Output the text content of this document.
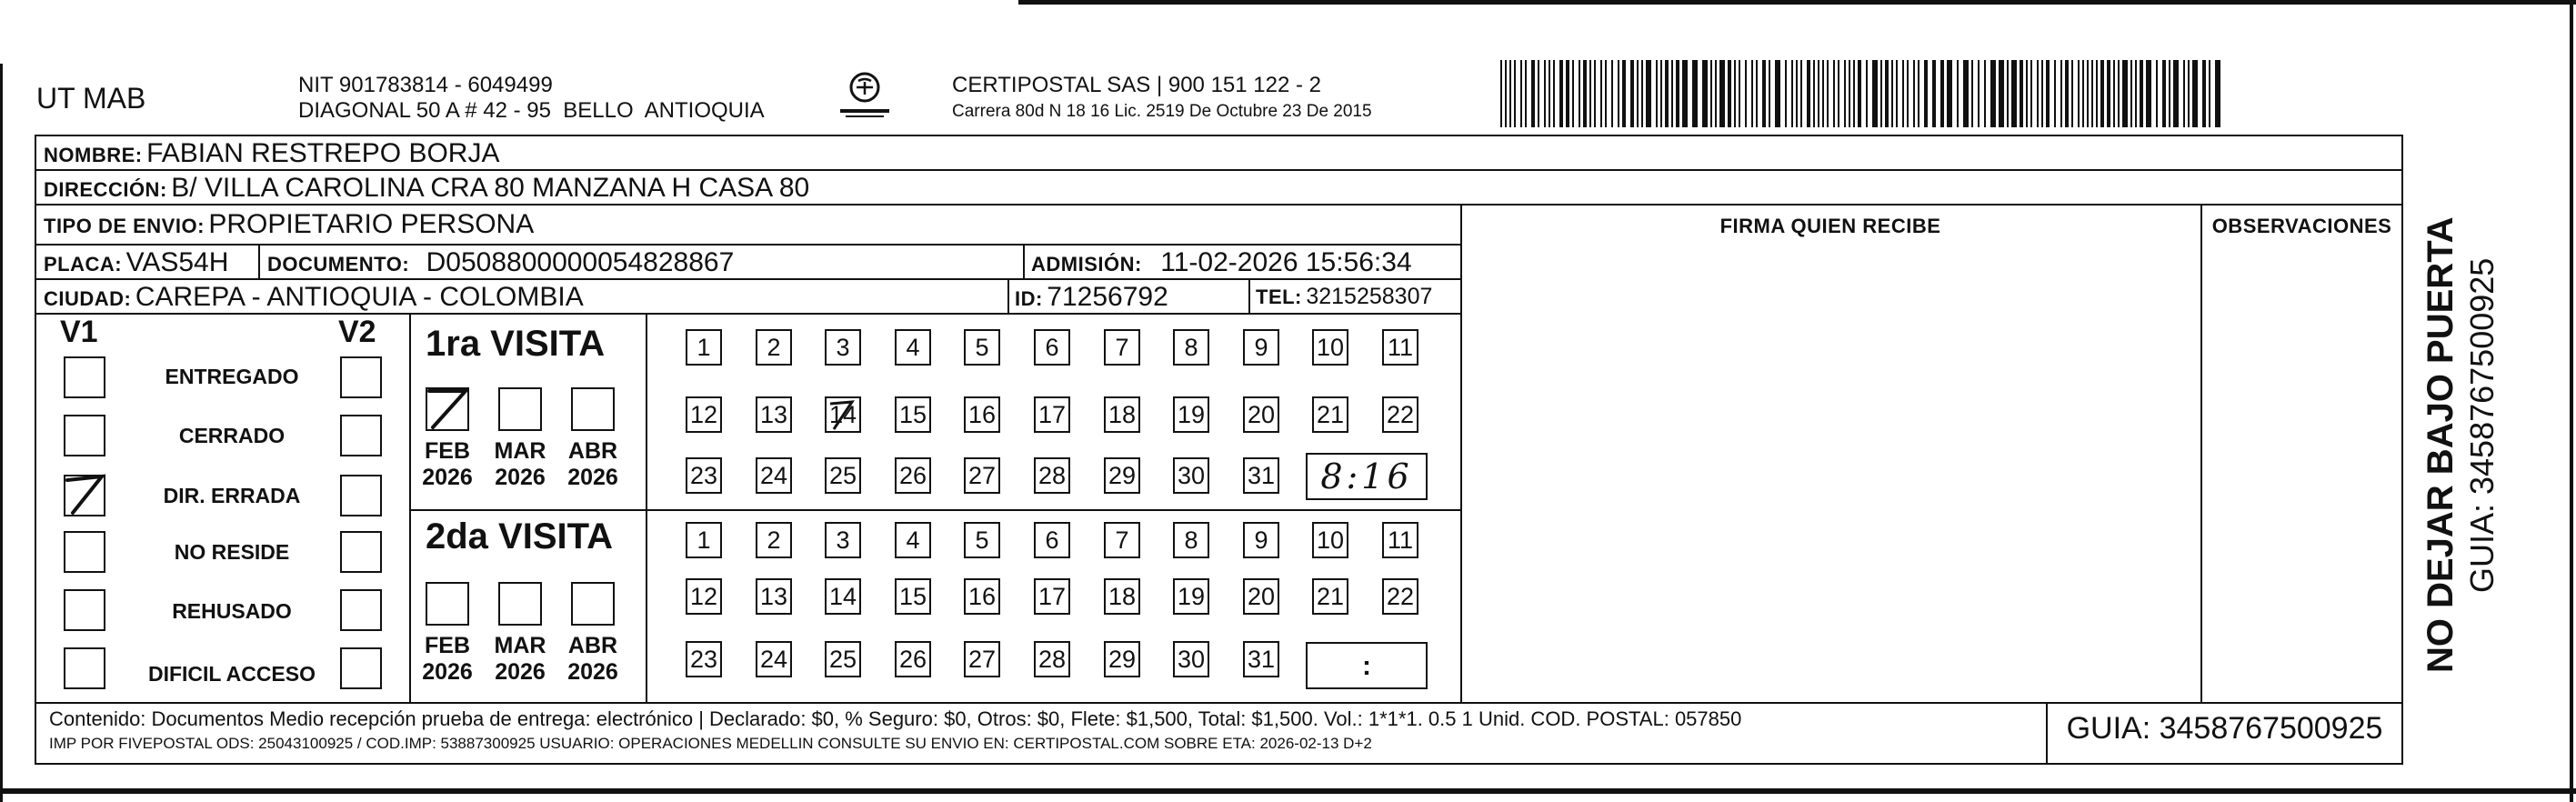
UT MAB	NIT 901783814 - 6049499
DIAGONAL 50 A # 42 - 95  BELLO  ANTIOQUIA
CERTIPOSTAL SAS | 900 151 122 - 2
Carrera 80d N 18 16 Lic. 2519 De Octubre 23 De 2015
NOMBRE: FABIAN RESTREPO BORJA
DIRECCIÓN: B/ VILLA CAROLINA CRA 80 MANZANA H CASA 80
TIPO DE ENVIO: PROPIETARIO PERSONA	FIRMA QUIEN RECIBE	OBSERVACIONES
PLACA: VAS54H DOCUMENTO: D0508800000054828867	ADMISIÓN: 11-02-2026 15:56:34
CIUDAD: CAREPA - ANTIOQUIA - COLOMBIA	ID: 71256792	TEL: 3215258307
V1	V2
ENTREGADO
CERRADO
DIR. ERRADA
NO RESIDE
REHUSADO
DIFICIL ACCESO
1ra VISITA
FEB
2026
MAR
2026
ABR
2026
1	2	3	4	5	6	7	8	9	10 11
12 13 14 15 16 17 18 19 20 21 22
23 24 25 26 27 28 29 30 31	8:16
2da VISITA
FEB
2026
MAR
2026
ABR
2026
1	2	3	4	5	6	7	8	9	10 11
12 13 14 15 16 17 18 19 20 21 22
23 24 25 26 27 28 29 30 31	:
Contenido: Documentos Medio recepción prueba de entrega: electrónico | Declarado: $0, % Seguro: $0, Otros: $0, Flete: $1,500, Total: $1,500. Vol.: 1*1*1. 0.5 1 Unid. COD. POSTAL: 057850
IMP POR FIVEPOSTAL ODS: 25043100925 / COD.IMP: 53887300925 USUARIO: OPERACIONES MEDELLIN CONSULTE SU ENVIO EN: CERTIPOSTAL.COM SOBRE ETA: 2026-02-13 D+2	GUIA: 3458767500925
NO DEJAR BAJO PUERTA GUIA: 3458767500925
